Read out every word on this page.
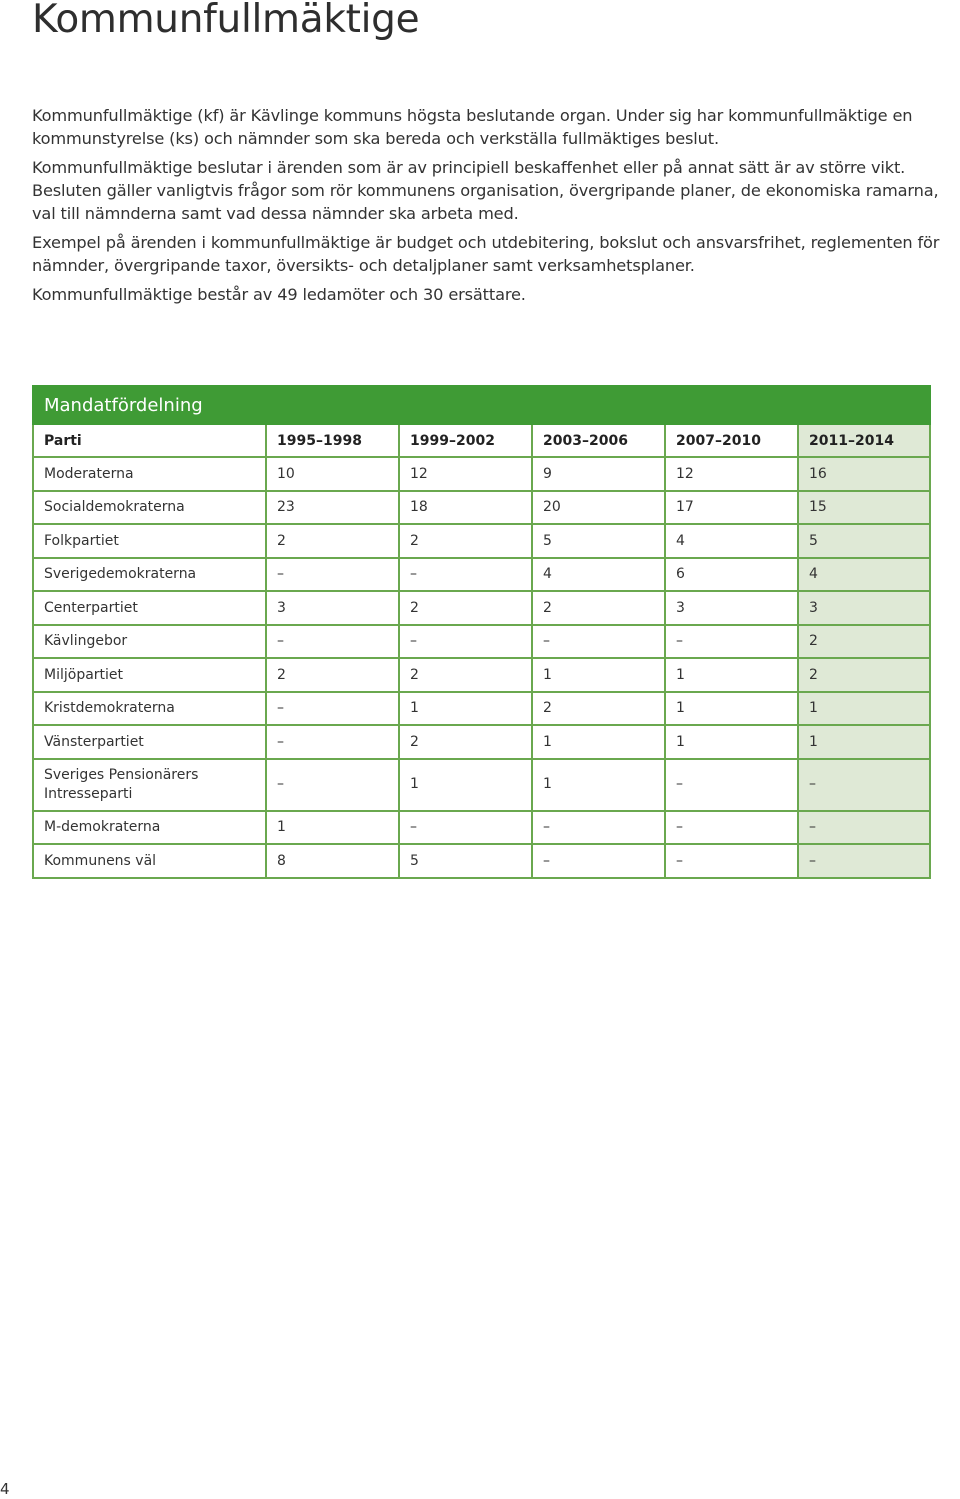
Kommunfullmäktige

Kommunfullmäktige (kf) är Kävlinge kommuns högsta beslutande organ. Under sig har kommunfullmäktige en kommunstyrelse (ks) och nämnder som ska bereda och verkställa fullmäktiges beslut.

Kommunfullmäktige beslutar i ärenden som är av principiell beskaffenhet eller på annat sätt är av större vikt. Besluten gäller vanligtvis frågor som rör kommunens organisation, övergripande planer, de ekonomiska ramarna, val till nämnderna samt vad dessa nämnder ska arbeta med.

Exempel på ärenden i kommunfullmäktige är budget och utdebitering, bokslut och ansvarsfrihet, reglementen för nämnder, övergripande taxor, översikts- och detaljplaner samt verksamhetsplaner.

Kommunfullmäktige består av 49 ledamöter och 30 ersättare.

Mandatfördelning					
Parti	1995–1998	1999–2002	2003–2006	2007–2010	2011–2014
Moderaterna	10	12	9	12	16
Socialdemokraterna	23	18	20	17	15
Folkpartiet	2	2	5	4	5
Sverigedemokraterna	–	–	4	6	4
Centerpartiet	3	2	2	3	3
Kävlingebor	–	–	–	–	2
Miljöpartiet	2	2	1	1	2
Kristdemokraterna	–	1	2	1	1
Vänsterpartiet	–	2	1	1	1
Sveriges Pensionärers Intresseparti	–	1	1	–	–
M-demokraterna	1	–	–	–	–
Kommunens väl	8	5	–	–	–
4
